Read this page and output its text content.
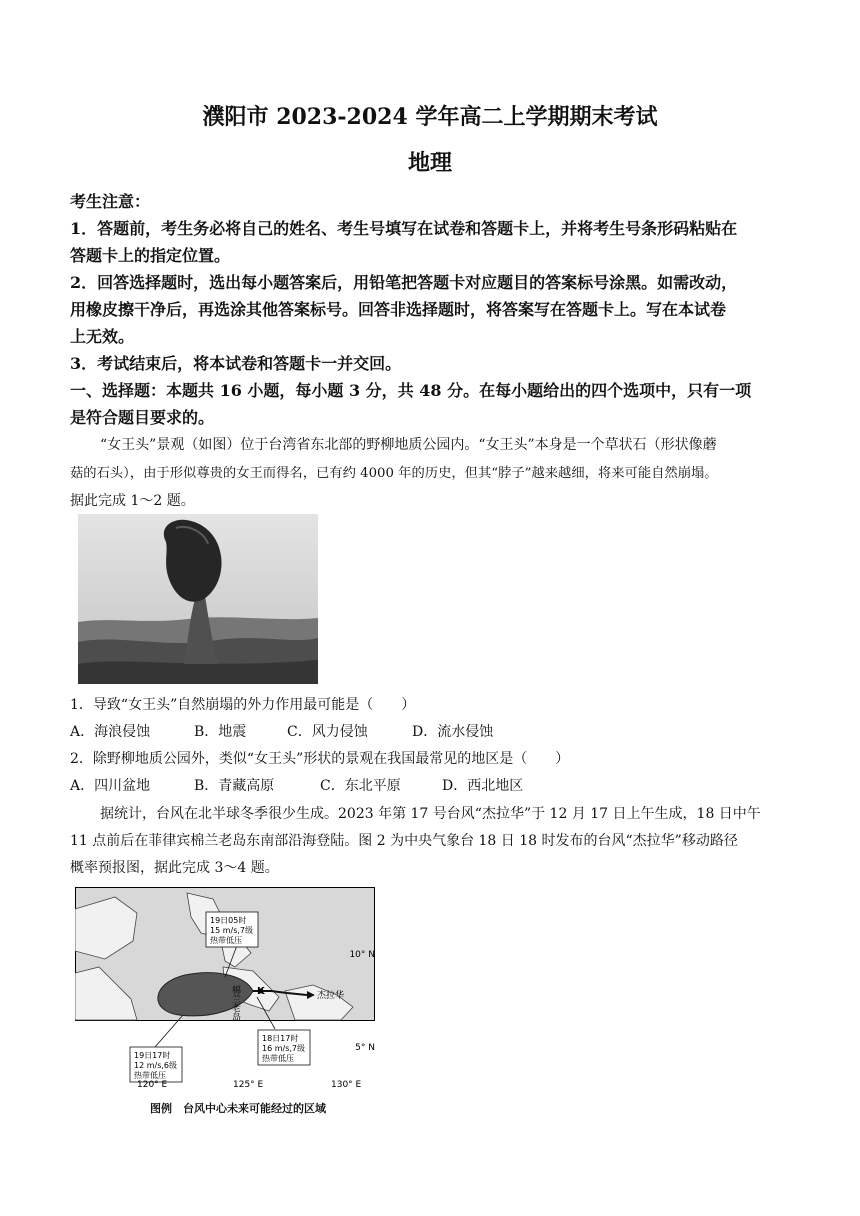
濮阳市 2023-2024 学年高二上学期期末考试
地理
考生注意：
1．答题前，考生务必将自己的姓名、考生号填写在试卷和答题卡上，并将考生号条形码粘贴在
答题卡上的指定位置。
2．回答选择题时，选出每小题答案后，用铅笔把答题卡对应题目的答案标号涂黑。如需改动，
用橡皮擦干净后，再选涂其他答案标号。回答非选择题时，将答案写在答题卡上。写在本试卷
上无效。
3．考试结束后，将本试卷和答题卡一并交回。
一、选择题：本题共 16 小题，每小题 3 分，共 48 分。在每小题给出的四个选项中，只有一项
是符合题目要求的。
“女王头”景观（如图）位于台湾省东北部的野柳地质公园内。“女王头”本身是一个草状石（形状像蘑
菇的石头），由于形似尊贵的女王而得名，已有约 4000 年的历史，但其“脖子”越来越细，将来可能自然崩塌。
据此完成 1～2 题。
1．导致“女王头”自然崩塌的外力作用最可能是（　　）
A．海浪侵蚀	B．地震	C．风力侵蚀	D．流水侵蚀
2．除野柳地质公园外，类似“女王头”形状的景观在我国最常见的地区是（　　）
A．四川盆地	B．青藏高原	C．东北平原	D．西北地区
据统计，台风在北半球冬季很少生成。2023 年第 17 号台风“杰拉华”于 12 月 17 日上午生成，18 日中午
11 点前后在菲律宾棉兰老岛东南部沿海登陆。图 2 为中央气象台 18 日 18 时发布的台风“杰拉华”移动路径
概率预报图，据此完成 3～4 题。
19日05时
15 m/s,7级
热带低压
19日17时
12 m/s,6级
热带低压
18日17时
16 m/s,7级
热带低压
K	杰拉华
棉兰老岛
10° N
5° N
120° E	125° E	130° E
图例　台风中心未来可能经过的区域
